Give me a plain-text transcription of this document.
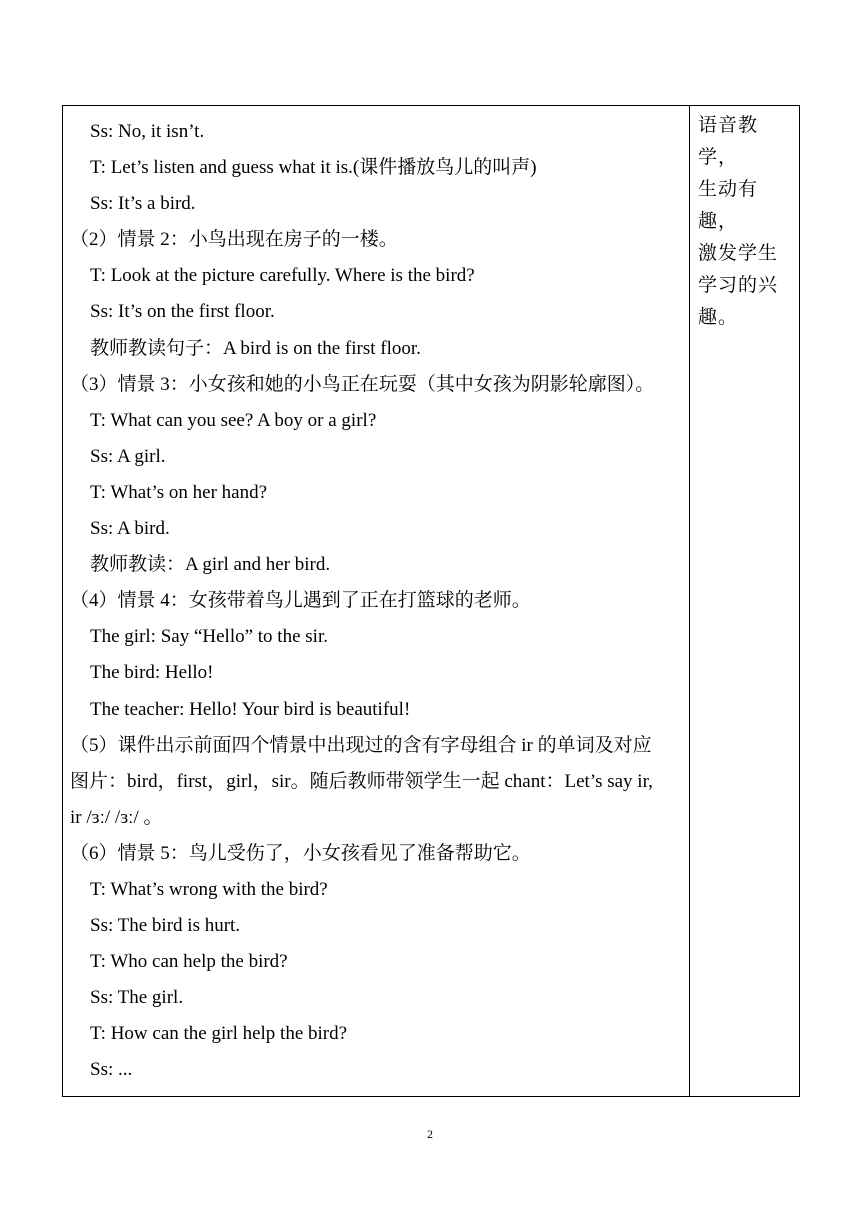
Ss: No, it isn’t.
T: Let’s listen and guess what it is.(课件播放鸟儿的叫声)
Ss: It’s a bird.
（2）情景 2：小鸟出现在房子的一楼。
T: Look at the picture carefully. Where is the bird?
Ss: It’s on the first floor.
教师教读句子：A bird is on the first floor.
（3）情景 3：小女孩和她的小鸟正在玩耍（其中女孩为阴影轮廓图）。
T: What can you see? A boy or a girl?
Ss: A girl.
T: What’s on her hand?
Ss: A bird.
教师教读：A girl and her bird.
（4）情景 4：女孩带着鸟儿遇到了正在打篮球的老师。
The girl: Say “Hello” to the sir.
The bird: Hello!
The teacher: Hello! Your bird is beautiful!
（5）课件出示前面四个情景中出现过的含有字母组合 ir 的单词及对应
图片：bird，first，girl，sir。随后教师带领学生一起 chant：Let’s say ir,
ir /ɜː/ /ɜː/ 。
（6）情景 5：鸟儿受伤了，小女孩看见了准备帮助它。
T: What’s wrong with the bird?
Ss: The bird is hurt.
T: Who can help the bird?
Ss: The girl.
T: How can the girl help the bird?
Ss: ...

语音教学，
生动有趣，
激发学生
学习的兴
趣。
2
